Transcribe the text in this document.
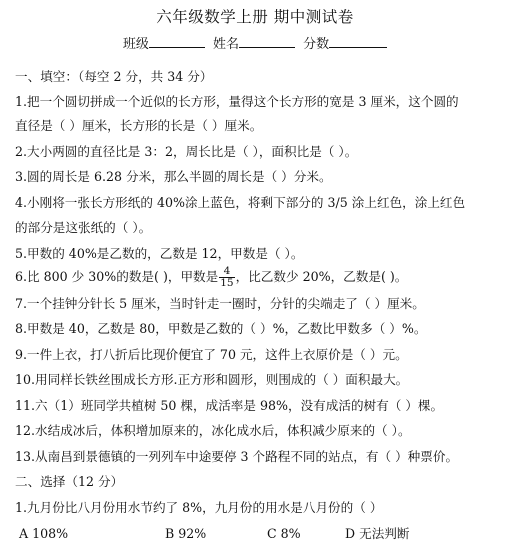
六年级数学上册 期中测试卷
班级	姓名	分数
一、填空：（每空 2 分，共 34 分）
1.把一个圆切拼成一个近似的长方形，量得这个长方形的宽是 3 厘米，这个圆的
直径是（ ）厘米，长方形的长是（ ）厘米。
2.大小两圆的直径比是 3：2，周长比是（ ），面积比是（ ）。
3.圆的周长是 6.28 分米，那么半圆的周长是（ ）分米。
4.小刚将一张长方形纸的 40%涂上蓝色，将剩下部分的 3/5 涂上红色，涂上红色
的部分是这张纸的（ ）。
5.甲数的 40%是乙数的，乙数是 12，甲数是（ ）。
6.比 800 少 30%的数是( )，甲数是 $\frac{4}{15}$ ，比乙数少 20%，乙数是( )。
7.一个挂钟分针长 5 厘米，当时针走一圈时，分针的尖端走了（ ）厘米。
8.甲数是 40，乙数是 80，甲数是乙数的（ ）%，乙数比甲数多（ ）%。
9.一件上衣，打八折后比现价便宜了 70 元，这件上衣原价是（ ）元。
10.用同样长铁丝围成长方形.正方形和圆形，则围成的（ ）面积最大。
11.六（1）班同学共植树 50 棵，成活率是 98%，没有成活的树有（ ）棵。
12.水结成冰后，体积增加原来的，冰化成水后，体积减少原来的（ ）。
13.从南昌到景德镇的一列列车中途要停 3 个路程不同的站点，有（ ）种票价。
二、选择（12 分）
1.九月份比八月份用水节约了 8%，九月份的用水是八月份的（ ）
A 108%	B 92%	C 8%	D 无法判断
